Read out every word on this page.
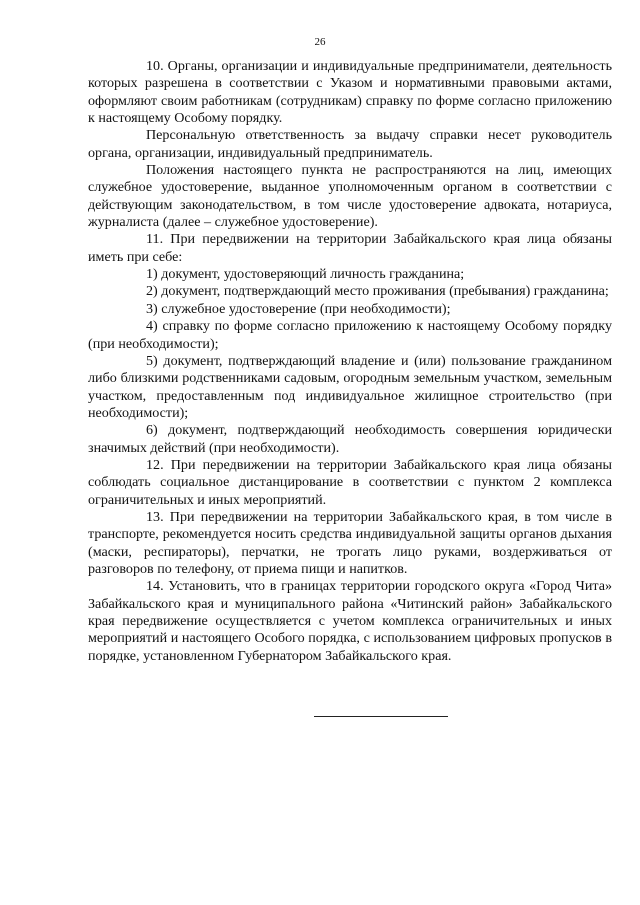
26

10. Органы, организации и индивидуальные предприниматели, деятельность которых разрешена в соответствии с Указом и нормативными правовыми актами, оформляют своим работникам (сотрудникам) справку по форме согласно приложению к настоящему Особому порядку.

Персональную ответственность за выдачу справки несет руководитель органа, организации, индивидуальный предприниматель.

Положения настоящего пункта не распространяются на лиц, имеющих служебное удостоверение, выданное уполномоченным органом в соответствии с действующим законодательством, в том числе удостоверение адвоката, нотариуса, журналиста (далее – служебное удостоверение).

11. При передвижении на территории Забайкальского края лица обязаны иметь при себе:

1) документ, удостоверяющий личность гражданина;

2) документ, подтверждающий место проживания (пребывания) гражданина;

3) служебное удостоверение (при необходимости);

4) справку по форме согласно приложению к настоящему Особому порядку (при необходимости);

5) документ, подтверждающий владение и (или) пользование гражданином либо близкими родственниками садовым, огородным земельным участком, земельным участком, предоставленным под индивидуальное жилищное строительство (при необходимости);

6) документ, подтверждающий необходимость совершения юридически значимых действий (при необходимости).

12. При передвижении на территории Забайкальского края лица обязаны соблюдать социальное дистанцирование в соответствии с пунктом 2 комплекса ограничительных и иных мероприятий.

13. При передвижении на территории Забайкальского края, в том числе в транспорте, рекомендуется носить средства индивидуальной защиты органов дыхания (маски, респираторы), перчатки, не трогать лицо руками, воздерживаться от разговоров по телефону, от приема пищи и напитков.

14. Установить, что в границах территории городского округа «Город Чита» Забайкальского края и муниципального района «Читинский район» Забайкальского края передвижение осуществляется с учетом комплекса ограничительных и иных мероприятий и настоящего Особого порядка, с использованием цифровых пропусков в порядке, установленном Губернатором Забайкальского края.
